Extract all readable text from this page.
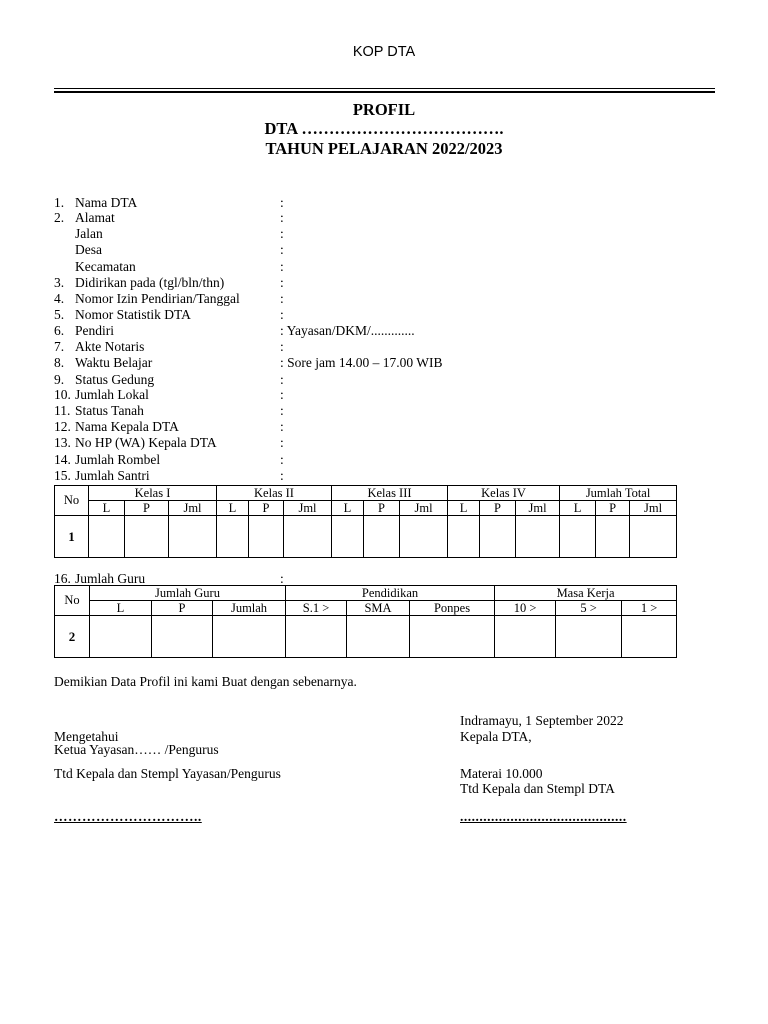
KOP DTA
PROFIL
DTA ……………………………….
TAHUN PELAJARAN 2022/2023
1. Nama DTA	:
2. Alamat	:
Jalan	:
Desa	:
Kecamatan	:
3. Didirikan pada (tgl/bln/thn)	:
4. Nomor Izin Pendirian/Tanggal	:
5. Nomor Statistik DTA	:
6. Pendiri	: Yayasan/DKM/.............
7. Akte Notaris	:
8. Waktu Belajar	: Sore jam 14.00 – 17.00 WIB
9. Status Gedung	:
10. Jumlah Lokal	:
11. Status Tanah	:
12. Nama Kepala DTA	:
13. No HP (WA) Kepala DTA	:
14. Jumlah Rombel	:
15. Jumlah Santri	:
No	Kelas I			Kelas II			Kelas III			Kelas IV			Jumlah Total		
	L	P	Jml	L	P	Jml	L	P	Jml	L	P	Jml	L	P	Jml
1															
16. Jumlah Guru	:
No	Jumlah Guru			Pendidikan			Masa Kerja		
	L	P	Jumlah	S.1 >	SMA	Ponpes	10 >	5 >	1 >
2									
Demikian Data Profil ini kami Buat dengan sebenarnya.
Indramayu, 1 September 2022
Mengetahui	Kepala DTA,
Ketua Yayasan…… /Pengurus
Ttd Kepala dan Stempl Yayasan/Pengurus	Materai 10.000
Ttd Kepala dan Stempl DTA
…………………………..	...........................................
